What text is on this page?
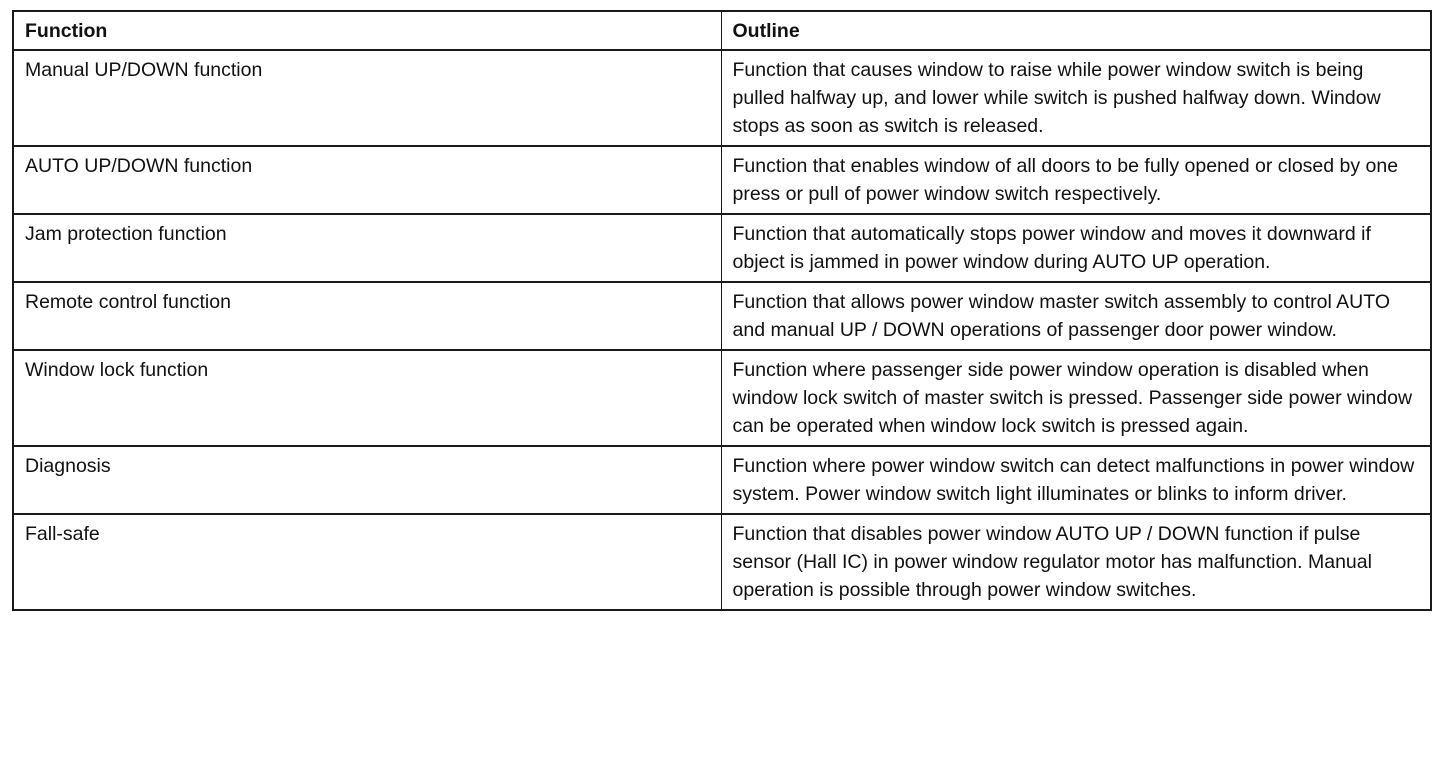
Function	Outline
Manual UP/DOWN function	Function that causes window to raise while power window switch is being pulled halfway up, and lower while switch is pushed halfway down. Window stops as soon as switch is released.
AUTO UP/DOWN function	Function that enables window of all doors to be fully opened or closed by one press or pull of power window switch respectively.
Jam protection function	Function that automatically stops power window and moves it downward if object is jammed in power window during AUTO UP operation.
Remote control function	Function that allows power window master switch assembly to control AUTO and manual UP / DOWN operations of passenger door power window.
Window lock function	Function where passenger side power window operation is disabled when window lock switch of master switch is pressed. Passenger side power window can be operated when window lock switch is pressed again.
Diagnosis	Function where power window switch can detect malfunctions in power window system. Power window switch light illuminates or blinks to inform driver.
Fall-safe	Function that disables power window AUTO UP / DOWN function if pulse sensor (Hall IC) in power window regulator motor has malfunction. Manual operation is possible through power window switches.
